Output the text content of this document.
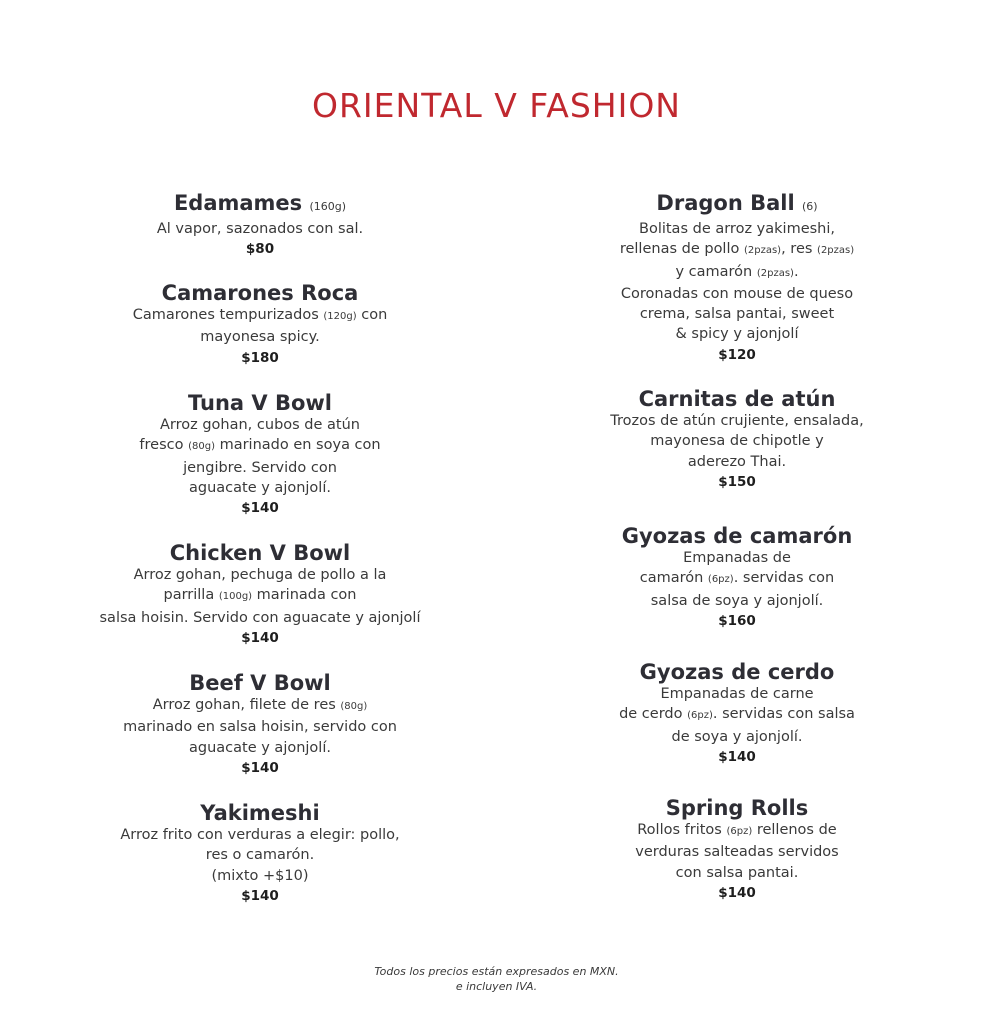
ORIENTAL V FASHION
Edamames (160g)
Al vapor, sazonados con sal.
$80
Camarones Roca
Camarones tempurizados (120g) con
mayonesa spicy.
$180
Tuna V Bowl
Arroz gohan, cubos de atún
fresco (80g) marinado en soya con
jengibre. Servido con
aguacate y ajonjolí.
$140
Chicken V Bowl
Arroz gohan, pechuga de pollo a la
parrilla (100g) marinada con
salsa hoisin. Servido con aguacate y ajonjolí
$140
Beef V Bowl
Arroz gohan, filete de res (80g)
marinado en salsa hoisin, servido con
aguacate y ajonjolí.
$140
Yakimeshi
Arroz frito con verduras a elegir: pollo,
res o camarón.
(mixto +$10)
$140
Dragon Ball (6)
Bolitas de arroz yakimeshi,
rellenas de pollo (2pzas), res (2pzas)
y camarón (2pzas).
Coronadas con mouse de queso
crema, salsa pantai, sweet
& spicy y ajonjolí
$120
Carnitas de atún
Trozos de atún crujiente, ensalada,
mayonesa de chipotle y
aderezo Thai.
$150
Gyozas de camarón
Empanadas de
camarón (6pz). servidas con
salsa de soya y ajonjolí.
$160
Gyozas de cerdo
Empanadas de carne
de cerdo (6pz). servidas con salsa
de soya y ajonjolí.
$140
Spring Rolls
Rollos fritos (6pz) rellenos de
verduras salteadas servidos
con salsa pantai.
$140
Todos los precios están expresados en MXN.
e incluyen IVA.
